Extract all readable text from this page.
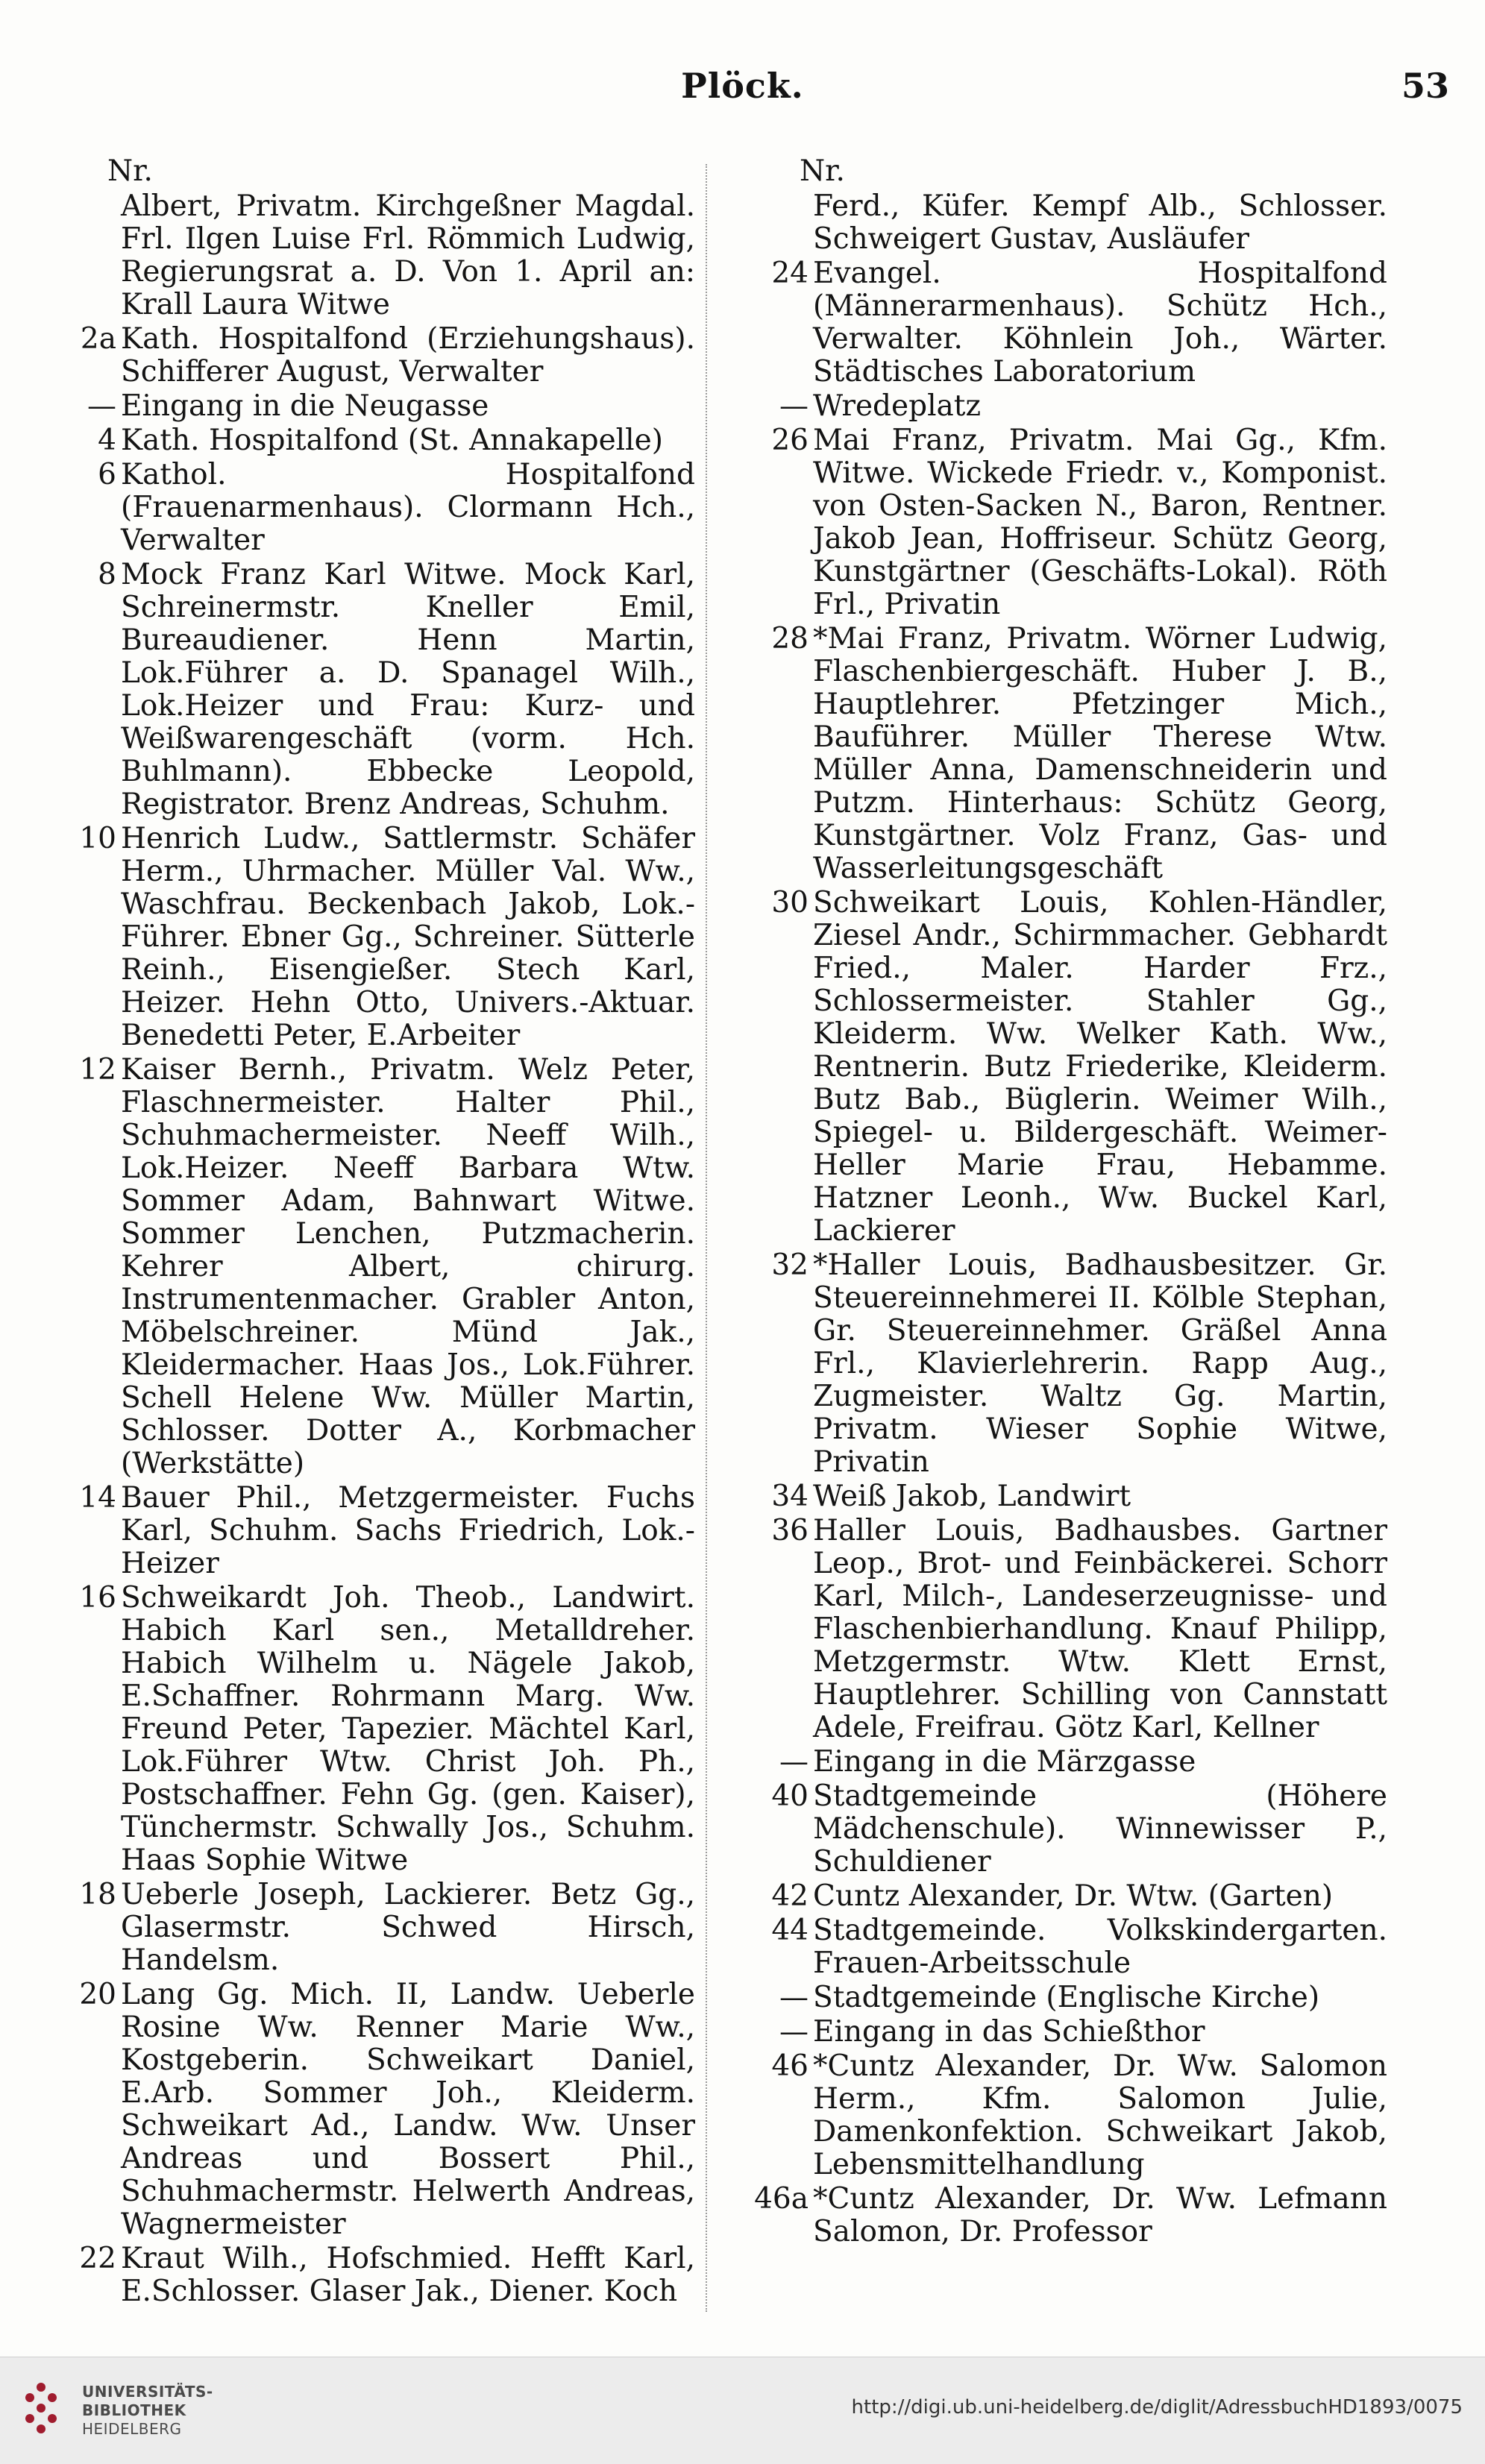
Plöck.	53
Nr.
Albert, Privatm. Kirchgeßner Magdal. Frl. Ilgen Luise Frl. Römmich Ludwig, Regierungsrat a. D. Von 1. April an: Krall Laura Witwe
2a Kath. Hospitalfond (Erziehungshaus). Schifferer August, Verwalter
— Eingang in die Neugasse
4 Kath. Hospitalfond (St. Annakapelle)
6 Kathol. Hospitalfond (Frauenarmenhaus). Clormann Hch., Verwalter
8 Mock Franz Karl Witwe. Mock Karl, Schreinermstr. Kneller Emil, Bureaudiener. Henn Martin, Lok.Führer a. D. Spanagel Wilh., Lok.Heizer und Frau: Kurz- und Weißwarengeschäft (vorm. Hch. Buhlmann). Ebbecke Leopold, Registrator. Brenz Andreas, Schuhm.
10 Henrich Ludw., Sattlermstr. Schäfer Herm., Uhrmacher. Müller Val. Ww., Waschfrau. Beckenbach Jakob, Lok.-Führer. Ebner Gg., Schreiner. Sütterle Reinh., Eisengießer. Stech Karl, Heizer. Hehn Otto, Univers.-Aktuar. Benedetti Peter, E.Arbeiter
12 Kaiser Bernh., Privatm. Welz Peter, Flaschnermeister. Halter Phil., Schuhmachermeister. Neeff Wilh., Lok.Heizer. Neeff Barbara Wtw. Sommer Adam, Bahnwart Witwe. Sommer Lenchen, Putzmacherin. Kehrer Albert, chirurg. Instrumentenmacher. Grabler Anton, Möbelschreiner. Münd Jak., Kleidermacher. Haas Jos., Lok.Führer. Schell Helene Ww. Müller Martin, Schlosser. Dotter A., Korbmacher (Werkstätte)
14 Bauer Phil., Metzgermeister. Fuchs Karl, Schuhm. Sachs Friedrich, Lok.-Heizer
16 Schweikardt Joh. Theob., Landwirt. Habich Karl sen., Metalldreher. Habich Wilhelm u. Nägele Jakob, E.Schaffner. Rohrmann Marg. Ww. Freund Peter, Tapezier. Mächtel Karl, Lok.Führer Wtw. Christ Joh. Ph., Postschaffner. Fehn Gg. (gen. Kaiser), Tünchermstr. Schwally Jos., Schuhm. Haas Sophie Witwe
18 Ueberle Joseph, Lackierer. Betz Gg., Glasermstr. Schwed Hirsch, Handelsm.
20 Lang Gg. Mich. II, Landw. Ueberle Rosine Ww. Renner Marie Ww., Kostgeberin. Schweikart Daniel, E.Arb. Sommer Joh., Kleiderm. Schweikart Ad., Landw. Ww. Unser Andreas und Bossert Phil., Schuhmachermstr. Helwerth Andreas, Wagnermeister
22 Kraut Wilh., Hofschmied. Hefft Karl, E.Schlosser. Glaser Jak., Diener. Koch
Nr.
Ferd., Küfer. Kempf Alb., Schlosser. Schweigert Gustav, Ausläufer
24 Evangel. Hospitalfond (Männerarmenhaus). Schütz Hch., Verwalter. Köhnlein Joh., Wärter. Städtisches Laboratorium
— Wredeplatz
26 Mai Franz, Privatm. Mai Gg., Kfm. Witwe. Wickede Friedr. v., Komponist. von Osten-Sacken N., Baron, Rentner. Jakob Jean, Hoffriseur. Schütz Georg, Kunstgärtner (Geschäfts-Lokal). Röth Frl., Privatin
28 *Mai Franz, Privatm. Wörner Ludwig, Flaschenbiergeschäft. Huber J. B., Hauptlehrer. Pfetzinger Mich., Bauführer. Müller Therese Wtw. Müller Anna, Damenschneiderin und Putzm. Hinterhaus: Schütz Georg, Kunstgärtner. Volz Franz, Gas- und Wasserleitungsgeschäft
30 Schweikart Louis, Kohlen-Händler, Ziesel Andr., Schirmmacher. Gebhardt Fried., Maler. Harder Frz., Schlossermeister. Stahler Gg., Kleiderm. Ww. Welker Kath. Ww., Rentnerin. Butz Friederike, Kleiderm. Butz Bab., Büglerin. Weimer Wilh., Spiegel- u. Bildergeschäft. Weimer-Heller Marie Frau, Hebamme. Hatzner Leonh., Ww. Buckel Karl, Lackierer
32 *Haller Louis, Badhausbesitzer. Gr. Steuereinnehmerei II. Kölble Stephan, Gr. Steuereinnehmer. Gräßel Anna Frl., Klavierlehrerin. Rapp Aug., Zugmeister. Waltz Gg. Martin, Privatm. Wieser Sophie Witwe, Privatin
34 Weiß Jakob, Landwirt
36 Haller Louis, Badhausbes. Gartner Leop., Brot- und Feinbäckerei. Schorr Karl, Milch-, Landeserzeugnisse- und Flaschenbierhandlung. Knauf Philipp, Metzgermstr. Wtw. Klett Ernst, Hauptlehrer. Schilling von Cannstatt Adele, Freifrau. Götz Karl, Kellner
— Eingang in die Märzgasse
40 Stadtgemeinde (Höhere Mädchenschule). Winnewisser P., Schuldiener
42 Cuntz Alexander, Dr. Wtw. (Garten)
44 Stadtgemeinde. Volkskindergarten. Frauen-Arbeitsschule
— Stadtgemeinde (Englische Kirche)
— Eingang in das Schießthor
46 *Cuntz Alexander, Dr. Ww. Salomon Herm., Kfm. Salomon Julie, Damenkonfektion. Schweikart Jakob, Lebensmittelhandlung
46a *Cuntz Alexander, Dr. Ww. Lefmann Salomon, Dr. Professor
UNIVERSITÄTS-
BIBLIOTHEK
HEIDELBERG
http://digi.ub.uni-heidelberg.de/diglit/AdressbuchHD1893/0075
